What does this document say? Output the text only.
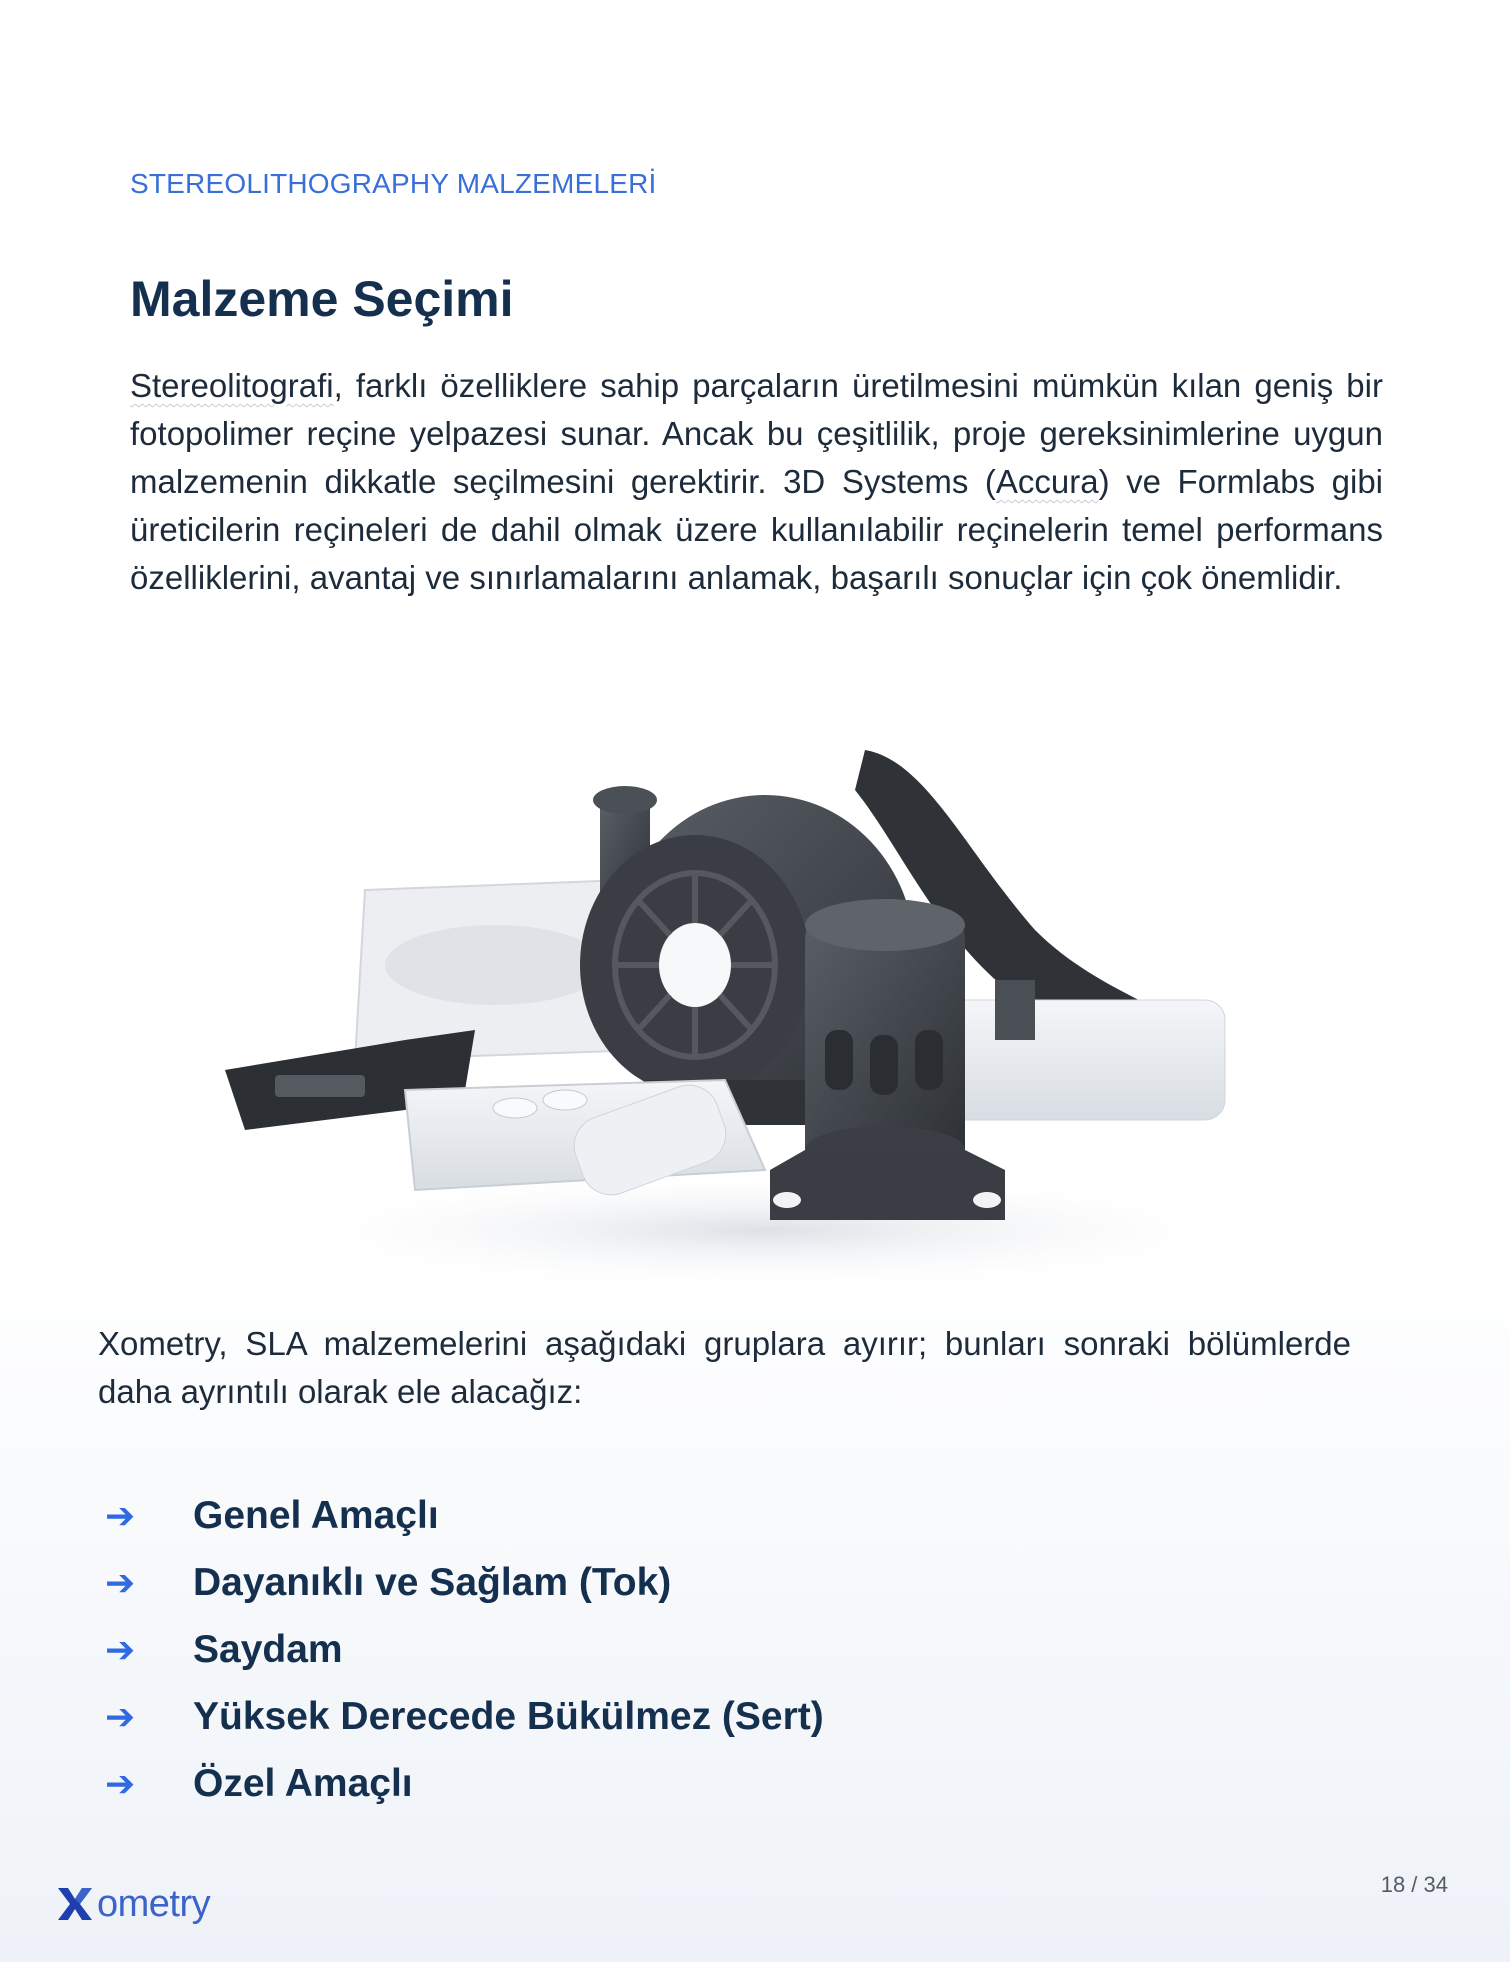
STEREOLITHOGRAPHY MALZEMELERİ
Malzeme Seçimi

Stereolitografi, farklı özelliklere sahip parçaların üretilmesini mümkün kılan geniş bir fotopolimer reçine yelpazesi sunar. Ancak bu çeşitlilik, proje gereksinimlerine uygun malzemenin dikkatle seçilmesini gerektirir. 3D Systems (Accura) ve Formlabs gibi üreticilerin reçineleri de dahil olmak üzere kullanılabilir reçinelerin temel performans özelliklerini, avantaj ve sınırlamalarını anlamak, başarılı sonuçlar için çok önemlidir.

Xometry, SLA malzemelerini aşağıdaki gruplara ayırır; bunları sonraki bölümlerde daha ayrıntılı olarak ele alacağız:

➔	Genel Amaçlı
➔	Dayanıklı ve Sağlam (Tok)
➔	Saydam
➔	Yüksek Derecede Bükülmez (Sert)
➔	Özel Amaçlı
18 / 34
ometry
